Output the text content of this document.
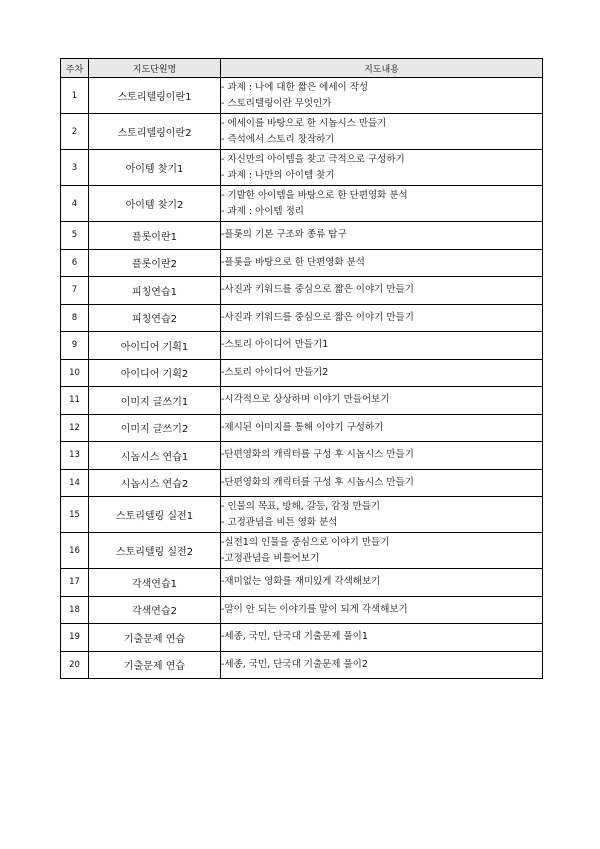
주차	지도단원명	지도내용
1	스토리텔링이란1	- 과제 : 나에 대한 짧은 에세이 작성
- 스토리텔링이란 무엇인가

2	스토리텔링이란2	- 에세이를 바탕으로 한 시놉시스 만들기
- 즉석에서 스토리 창작하기

3	아이템 찾기1	- 자신만의 아이템을 찾고 극적으로 구성하기
- 과제 : 나만의 아이템 찾기

4	아이템 찾기2	- 기발한 아이템을 바탕으로 한 단편영화 분석
- 과제 : 아이템 정리

5	플롯이란1	-플롯의 기본 구조와 종류 탐구

6	플롯이란2	-플롯을 바탕으로 한 단편영화 분석

7	피칭연습1	-사진과 키워드를 중심으로 짧은 이야기 만들기

8	피칭연습2	-사진과 키워드를 중심으로 짧은 이야기 만들기

9	아이디어 기획1	-스토리 아이디어 만들기1

10	아이디어 기획2	-스토리 아이디어 만들기2

11	이미지 글쓰기1	-시각적으로 상상하며 이야기 만들어보기

12	이미지 글쓰기2	-제시된 이미지를 통해 이야기 구성하기

13	시놉시스 연습1	-단편영화의 캐릭터를 구성 후 시놉시스 만들기

14	시놉시스 연습2	-단편영화의 캐릭터를 구성 후 시놉시스 만들기

15	스토리텔링 실전1	- 인물의 목표, 방해, 갈등, 감정 만들기
- 고정관념을 비튼 영화 분석

16	스토리텔링 실전2	-실전1의 인물을 중심으로 이야기 만들기
-고정관념을 비틀어보기

17	각색연습1	-재미없는 영화를 재미있게 각색해보기

18	각색연습2	-말이 안 되는 이야기를 말이 되게 각색해보기

19	기출문제 연습	-세종, 국민, 단국대 기출문제 풀이1

20	기출문제 연습	-세종, 국민, 단국대 기출문제 풀이2
